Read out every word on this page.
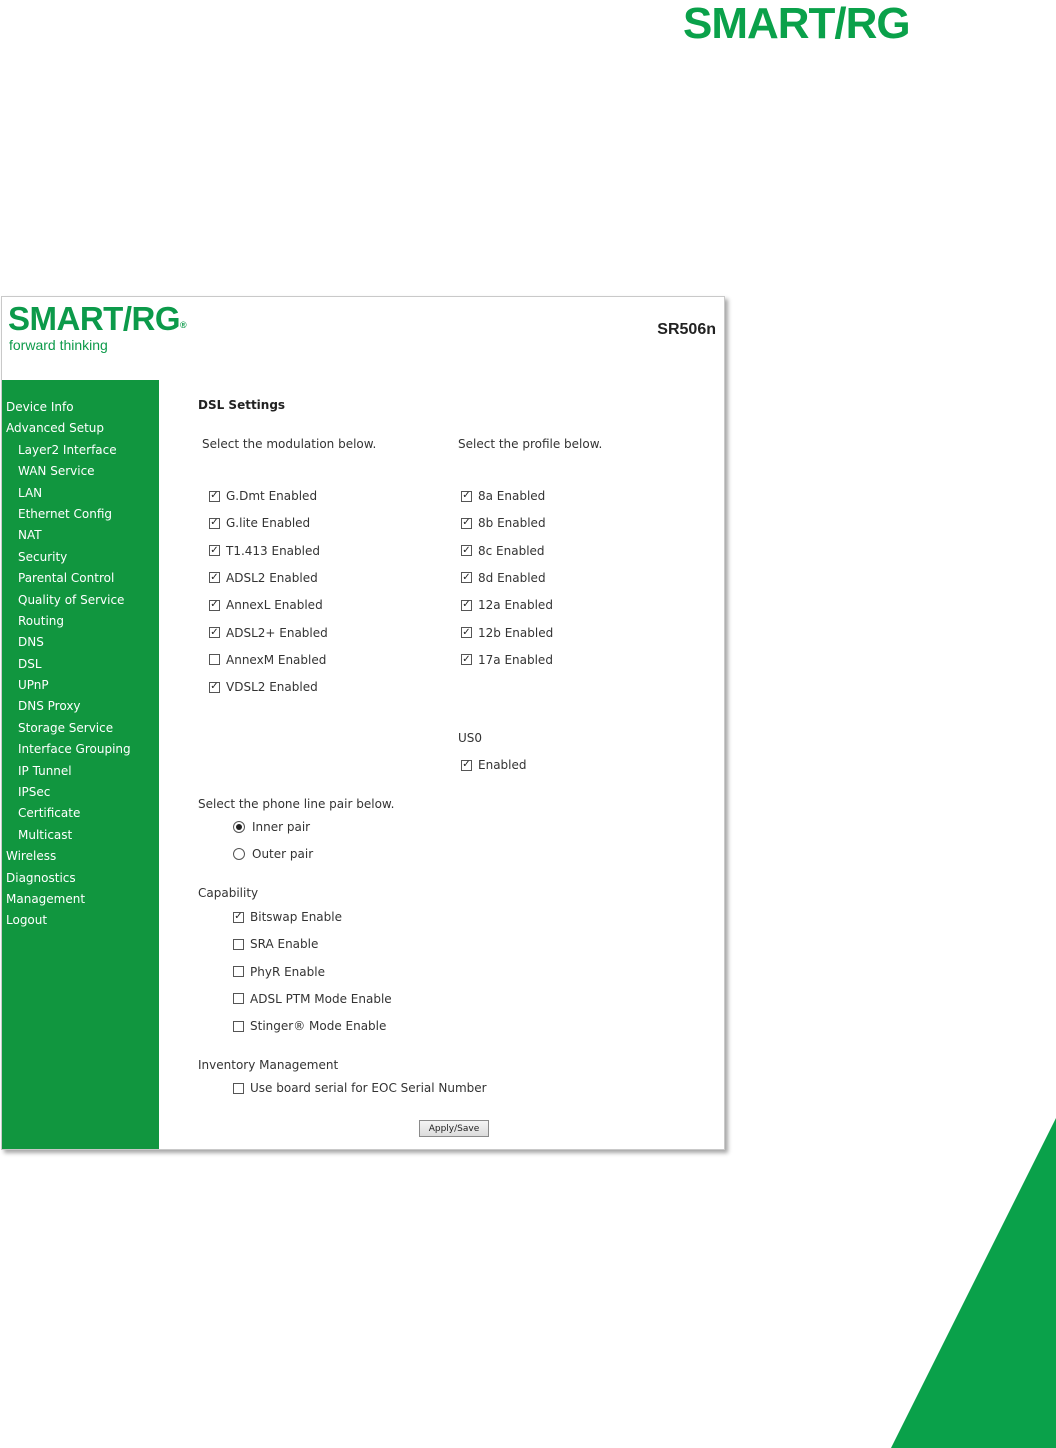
SMART/RG
SMART/RG®
forward thinking
SR506n
Device Info
Advanced Setup
Layer2 Interface
WAN Service
LAN
Ethernet Config
NAT
Security
Parental Control
Quality of Service
Routing
DNS
DSL
UPnP
DNS Proxy
Storage Service
Interface Grouping
IP Tunnel
IPSec
Certificate
Multicast
Wireless
Diagnostics
Management
Logout
DSL Settings
Select the modulation below.	Select the profile below.
✓ G.Dmt Enabled
✓ G.lite Enabled
✓ T1.413 Enabled
✓ ADSL2 Enabled
✓ AnnexL Enabled
✓ ADSL2+ Enabled
AnnexM Enabled
✓ VDSL2 Enabled
✓ 8a Enabled
✓ 8b Enabled
✓ 8c Enabled
✓ 8d Enabled
✓ 12a Enabled
✓ 12b Enabled
✓ 17a Enabled
US0
✓ Enabled
Select the phone line pair below.
Inner pair
Outer pair
Capability
✓ Bitswap Enable
SRA Enable
PhyR Enable
ADSL PTM Mode Enable
Stinger® Mode Enable
Inventory Management
Use board serial for EOC Serial Number
Apply/Save
